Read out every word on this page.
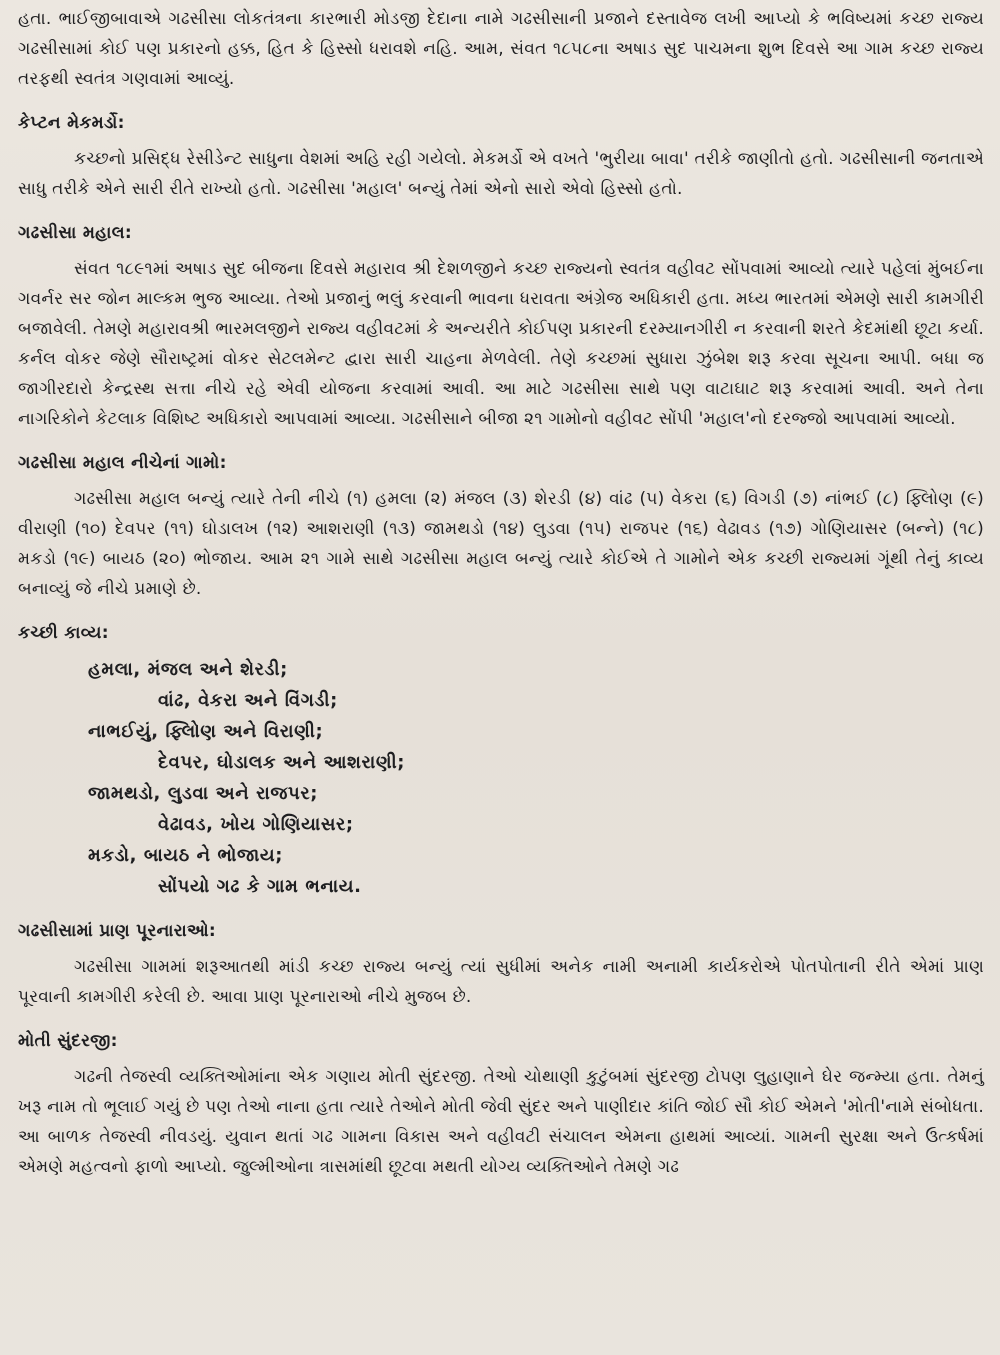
હતા. ભાઈજીબાવાએ ગઢસીસા લોકતંત્રના કારભારી મોડજી દેદાના નામે ગઢસીસાની પ્રજાને દસ્તાવેજ લખી આપ્યો કે ભવિષ્યમાં કચ્છ રાજ્ય ગઢસીસામાં કોઈ પણ પ્રકારનો હક્ક, હિત કે હિસ્સો ધરાવશે નહિ. આમ, સંવત ૧૮૫૮ના અષાડ સુદ પાચમના શુભ દિવસે આ ગામ કચ્છ રાજ્ય તરફથી સ્વતંત્ર ગણવામાં આવ્યું.

કેપ્ટન મેકમર્ડો:

કચ્છનો પ્રસિદ્ધ રેસીડેન્ટ સાધુના વેશમાં અહિ રહી ગયેલો. મેકમર્ડો એ વખતે 'ભુરીયા બાવા' તરીકે જાણીતો હતો. ગઢસીસાની જનતાએ સાધુ તરીકે એને સારી રીતે રાખ્યો હતો. ગઢસીસા 'મહાલ' બન્યું તેમાં એનો સારો એવો હિસ્સો હતો.

ગઢસીસા મહાલ:

સંવત ૧૮૯૧માં અષાડ સુદ બીજના દિવસે મહારાવ શ્રી દેશળજીને કચ્છ રાજ્યનો સ્વતંત્ર વહીવટ સોંપવામાં આવ્યો ત્યારે પહેલાં મુંબઈના ગવર્નર સર જોન માલ્કમ ભુજ આવ્યા. તેઓ પ્રજાનું ભલું કરવાની ભાવના ધરાવતા અંગ્રેજ અધિકારી હતા. મધ્ય ભારતમાં એમણે સારી કામગીરી બજાવેલી. તેમણે મહારાવશ્રી ભારમલજીને રાજ્ય વહીવટમાં કે અન્યરીતે કોઈપણ પ્રકારની દરમ્યાનગીરી ન કરવાની શરતે કેદમાંથી છૂટા કર્યા. કર્નલ વોકર જેણે સૌરાષ્ટ્રમાં વોકર સેટલમેન્ટ દ્વારા સારી ચાહના મેળવેલી. તેણે કચ્છમાં સુધારા ઝુંબેશ શરૂ કરવા સૂચના આપી. બધા જ જાગીરદારો કેન્દ્રસ્થ સત્તા નીચે રહે એવી યોજના કરવામાં આવી. આ માટે ગઢસીસા સાથે પણ વાટાઘાટ શરૂ કરવામાં આવી. અને તેના નાગરિકોને કેટલાક વિશિષ્ટ અધિકારો આપવામાં આવ્યા. ગઢસીસાને બીજા ૨૧ ગામોનો વહીવટ સોંપી 'મહાલ'નો દરજ્જો આપવામાં આવ્યો.

ગઢસીસા મહાલ નીચેનાં ગામો:

ગઢસીસા મહાલ બન્યું ત્યારે તેની નીચે (૧) હમલા (૨) મંજલ (૩) શેરડી (૪) વાંઢ (૫) વેકરા (૬) વિગડી (૭) નાંભઈ (૮) ફ્લિોણ (૯) વીરાણી (૧૦) દેવપર (૧૧) ઘોડાલખ (૧૨) આશરાણી (૧૩) જામથડો (૧૪) લુડવા (૧૫) રાજપર (૧૬) વેઢાવડ (૧૭) ગોણિયાસર (બન્ને) (૧૮) મકડો (૧૯) બાયઠ (૨૦) ભોજાય. આમ ૨૧ ગામે સાથે ગઢસીસા મહાલ બન્યું ત્યારે કોઈએ તે ગામોને એક કચ્છી રાજ્યમાં ગૂંથી તેનું કાવ્ય બનાવ્યું જે નીચે પ્રમાણે છે.

કચ્છી કાવ્ય:
હમલા, મંજલ અને શેરડી;
વાંઢ, વેકરા અને વિંગડી;
નાભઈયું, ફ્લિોણ અને વિરાણી;
દેવપર, ઘોડાલક અને આશરાણી;
જામથડો, લુડવા અને રાજપર;
વેઢાવડ, ખોય ગોણિયાસર;
મકડો, બાયઠ ને ભોજાય;
સોંપયો ગઢ કે ગામ ભનાય.
ગઢસીસામાં પ્રાણ પૂરનારાઓ:

ગઢસીસા ગામમાં શરૂઆતથી માંડી કચ્છ રાજ્ય બન્યું ત્યાં સુધીમાં અનેક નામી અનામી કાર્યકરોએ પોતપોતાની રીતે એમાં પ્રાણ પૂરવાની કામગીરી કરેલી છે. આવા પ્રાણ પૂરનારાઓ નીચે મુજબ છે.

મોતી સુંદરજી:

ગઢની તેજસ્વી વ્યક્તિઓમાંના એક ગણાય મોતી સુંદરજી. તેઓ ચોથાણી કુટુંબમાં સુંદરજી ટોપણ લુહાણાને ઘેર જન્મ્યા હતા. તેમનું ખરૂ નામ તો ભૂલાઈ ગયું છે પણ તેઓ નાના હતા ત્યારે તેઓને મોતી જેવી સુંદર અને પાણીદાર કાંતિ જોઈ સૌ કોઈ એમને 'મોતી'નામે સંબોધતા. આ બાળક તેજસ્વી નીવડયું. યુવાન થતાં ગઢ ગામના વિકાસ અને વહીવટી સંચાલન એમના હાથમાં આવ્યાં. ગામની સુરક્ષા અને ઉત્કર્ષમાં એમણે મહત્વનો ફાળો આપ્યો. જુલ્મીઓના ત્રાસમાંથી છૂટવા મથતી યોગ્ય વ્યક્તિઓને તેમણે ગઢ
